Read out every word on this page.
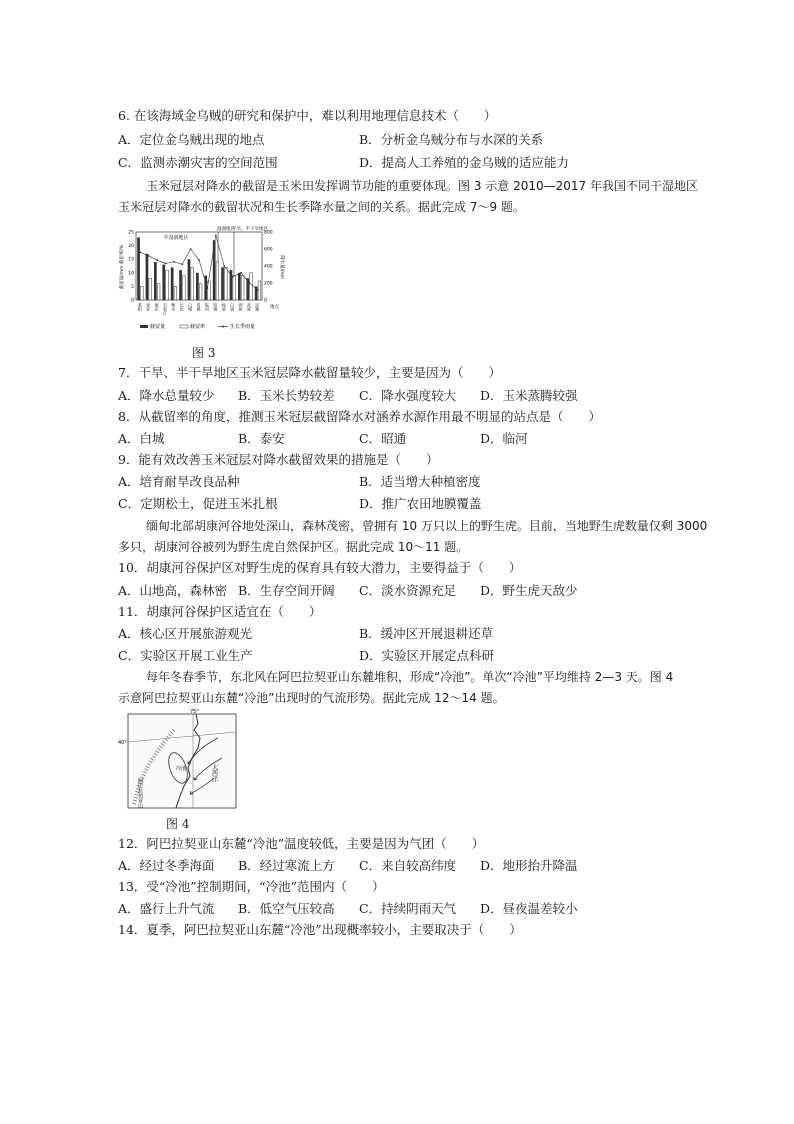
6. 在该海域金乌贼的研究和保护中，难以利用地理信息技术（　　）
A．定位金乌贼出现的地点	B．分析金乌贼分布与水深的关系
C．监测赤潮灾害的空间范围	D．提高人工养殖的金乌贼的适应能力
玉米冠层对降水的截留是玉米田发挥调节功能的重要体现。图 3 示意 2010—2017 年我国不同干湿地区
玉米冠层对降水的截留状况和生长季降水量之间的关系。据此完成 7～9 题。
半湿润地区
湿润地区
干旱、半干旱地区
截留量/mm 截留率/%	降水量/mm
地点
25
20
15
10
5
0
800
600
400
200
0
莱阳 泰安 保定 石家庄 衡水 长治 白城 晋城 临河 昭通 杨凌 白银 固原 武威 民勤
截留量	截留率	生长季雨量
图 3
7．干旱、半干旱地区玉米冠层降水截留量较少，主要是因为（　　）
A．降水总量较少 B．玉米长势较差 C．降水强度较大 D．玉米蒸腾较强
8．从截留率的角度，推测玉米冠层截留降水对涵养水源作用最不明显的站点是（　　）
A．白城	B．泰安	C．昭通	D．临河
9．能有效改善玉米冠层对降水截留效果的措施是（　　）
A．培育耐旱改良品种	B．适当增大种植密度
C．定期松土，促进玉米扎根	D．推广农田地膜覆盖
缅甸北部胡康河谷地处深山，森林茂密，曾拥有 10 万只以上的野生虎。目前，当地野生虎数量仅剩 3000
多只，胡康河谷被列为野生虎自然保护区。据此完成 10～11 题。
10．胡康河谷保护区对野生虎的保育具有较大潜力，主要得益于（　　）
A．山地高，森林密 B．生存空间开阔 C．淡水资源充足 D．野生虎天敌少
11．胡康河谷保护区适宜在（　　）
A．核心区开展旅游观光	B．缓冲区开展退耕还草
C．实验区开展工业生产	D．实验区开展定点科研
每年冬春季节，东北风在阿巴拉契亚山东麓堆积，形成“冷池”。单次“冷池”平均维持 2—3 天。图 4
示意阿巴拉契亚山东麓“冷池”出现时的气流形势。据此完成 12～14 题。
75°
40°
冷池	大西洋
阿巴拉契亚山
图 4
12．阿巴拉契亚山东麓“冷池”温度较低，主要是因为气团（　　）
A．经过冬季海面 B．经过寒流上方 C．来自较高纬度 D．地形抬升降温
13．受“冷池”控制期间，“冷池”范围内（　　）
A．盛行上升气流 B．低空气压较高 C．持续阴雨天气 D．昼夜温差较小
14．夏季，阿巴拉契亚山东麓“冷池”出现概率较小，主要取决于（　　）
